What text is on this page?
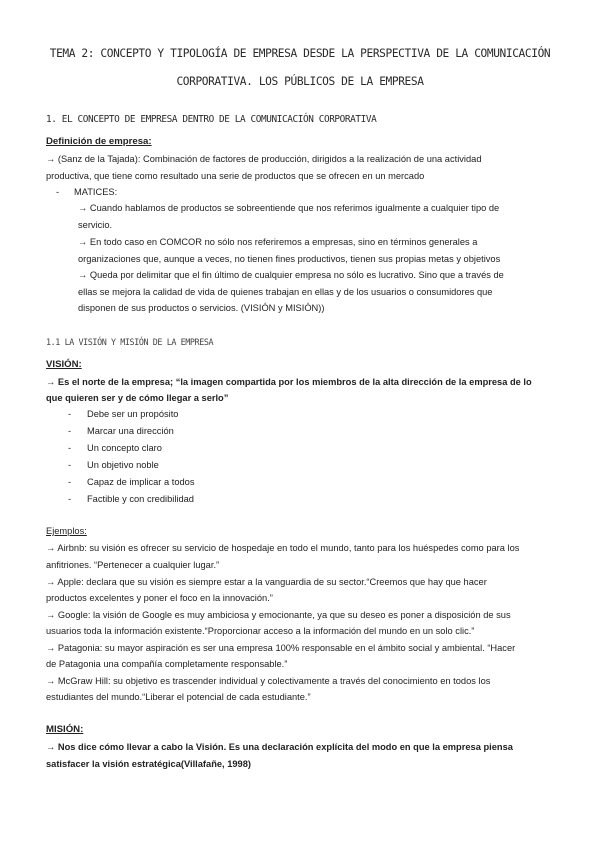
TEMA 2: CONCEPTO Y TIPOLOGÍA DE EMPRESA DESDE LA PERSPECTIVA DE LA COMUNICACIÓN CORPORATIVA. LOS PÚBLICOS DE LA EMPRESA
1. EL CONCEPTO DE EMPRESA DENTRO DE LA COMUNICACIÓN CORPORATIVA
Definición de empresa:
→ (Sanz de la Tajada): Combinación de factores de producción, dirigidos a la realización de una actividad
productiva, que tiene como resultado una serie de productos que se ofrecen en un mercado
- MATICES:
→ Cuando hablamos de productos se sobreentiende que nos referimos igualmente a cualquier tipo de
servicio.
→ En todo caso en COMCOR no sólo nos referiremos a empresas, sino en términos generales a
organizaciones que, aunque a veces, no tienen fines productivos, tienen sus propias metas y objetivos
→ Queda por delimitar que el fin último de cualquier empresa no sólo es lucrativo. Sino que a través de
ellas se mejora la calidad de vida de quienes trabajan en ellas y de los usuarios o consumidores que
disponen de sus productos o servicios. (VISIÓN y MISIÓN))
1.1 LA VISIÓN Y MISIÓN DE LA EMPRESA
VISIÓN:
→ Es el norte de la empresa; “la imagen compartida por los miembros de la alta dirección de la empresa de lo
que quieren ser y de cómo llegar a serlo”
- Debe ser un propósito
- Marcar una dirección
- Un concepto claro
- Un objetivo noble
- Capaz de implicar a todos
- Factible y con credibilidad
Ejemplos:
→ Airbnb: su visión es ofrecer su servicio de hospedaje en todo el mundo, tanto para los huéspedes como para los
anfitriones. “Pertenecer a cualquier lugar.”
→ Apple: declara que su visión es siempre estar a la vanguardia de su sector.“Creemos que hay que hacer
productos excelentes y poner el foco en la innovación.”
→ Google: la visión de Google es muy ambiciosa y emocionante, ya que su deseo es poner a disposición de sus
usuarios toda la información existente.“Proporcionar acceso a la información del mundo en un solo clic.”
→ Patagonia: su mayor aspiración es ser una empresa 100% responsable en el ámbito social y ambiental. “Hacer
de Patagonia una compañía completamente responsable.”
→ McGraw Hill: su objetivo es trascender individual y colectivamente a través del conocimiento en todos los
estudiantes del mundo.“Liberar el potencial de cada estudiante.”
MISIÓN:
→ Nos dice cómo llevar a cabo la Visión. Es una declaración explícita del modo en que la empresa piensa
satisfacer la visión estratégica(Villafañe, 1998)
